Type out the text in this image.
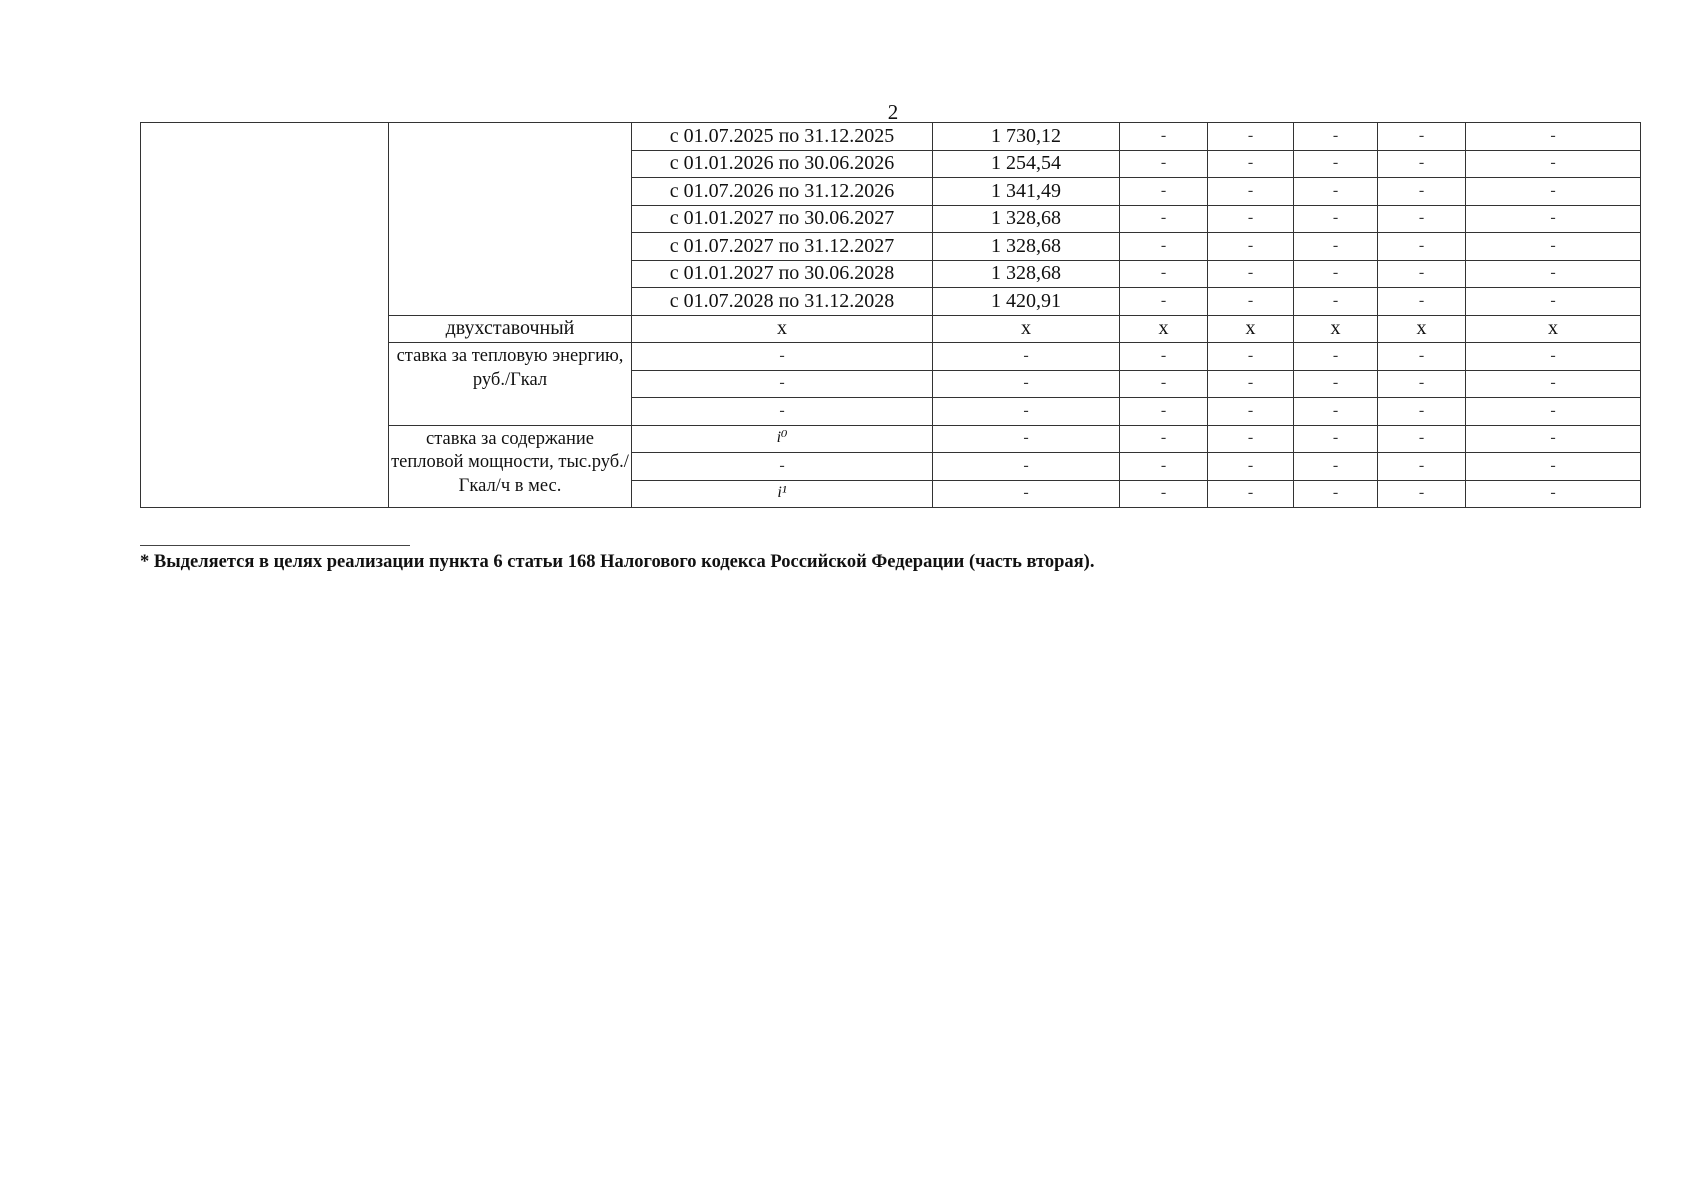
2
		с 01.07.2025 по 31.12.2025	1 730,12	-	-	-	-	-
		с 01.01.2026 по 30.06.2026	1 254,54	-	-	-	-	-
		с 01.07.2026 по 31.12.2026	1 341,49	-	-	-	-	-
		с 01.01.2027 по 30.06.2027	1 328,68	-	-	-	-	-
		с 01.07.2027 по 31.12.2027	1 328,68	-	-	-	-	-
		с 01.01.2027 по 30.06.2028	1 328,68	-	-	-	-	-
		с 01.07.2028 по 31.12.2028	1 420,91	-	-	-	-	-
	двухставочный	х	х	х	х	х	х	х
	ставка за тепловую энергию, руб./Гкал	-	-	-	-	-	-	-
		-	-	-	-	-	-	-
		-	-	-	-	-	-	-
	ставка за содержание тепловой мощности, тыс.руб./Гкал/ч в мес.	i⁰	-	-	-	-	-	-
		-	-	-	-	-	-	-
		i¹	-	-	-	-	-	-
* Выделяется в целях реализации пункта 6 статьи 168 Налогового кодекса Российской Федерации (часть вторая).
